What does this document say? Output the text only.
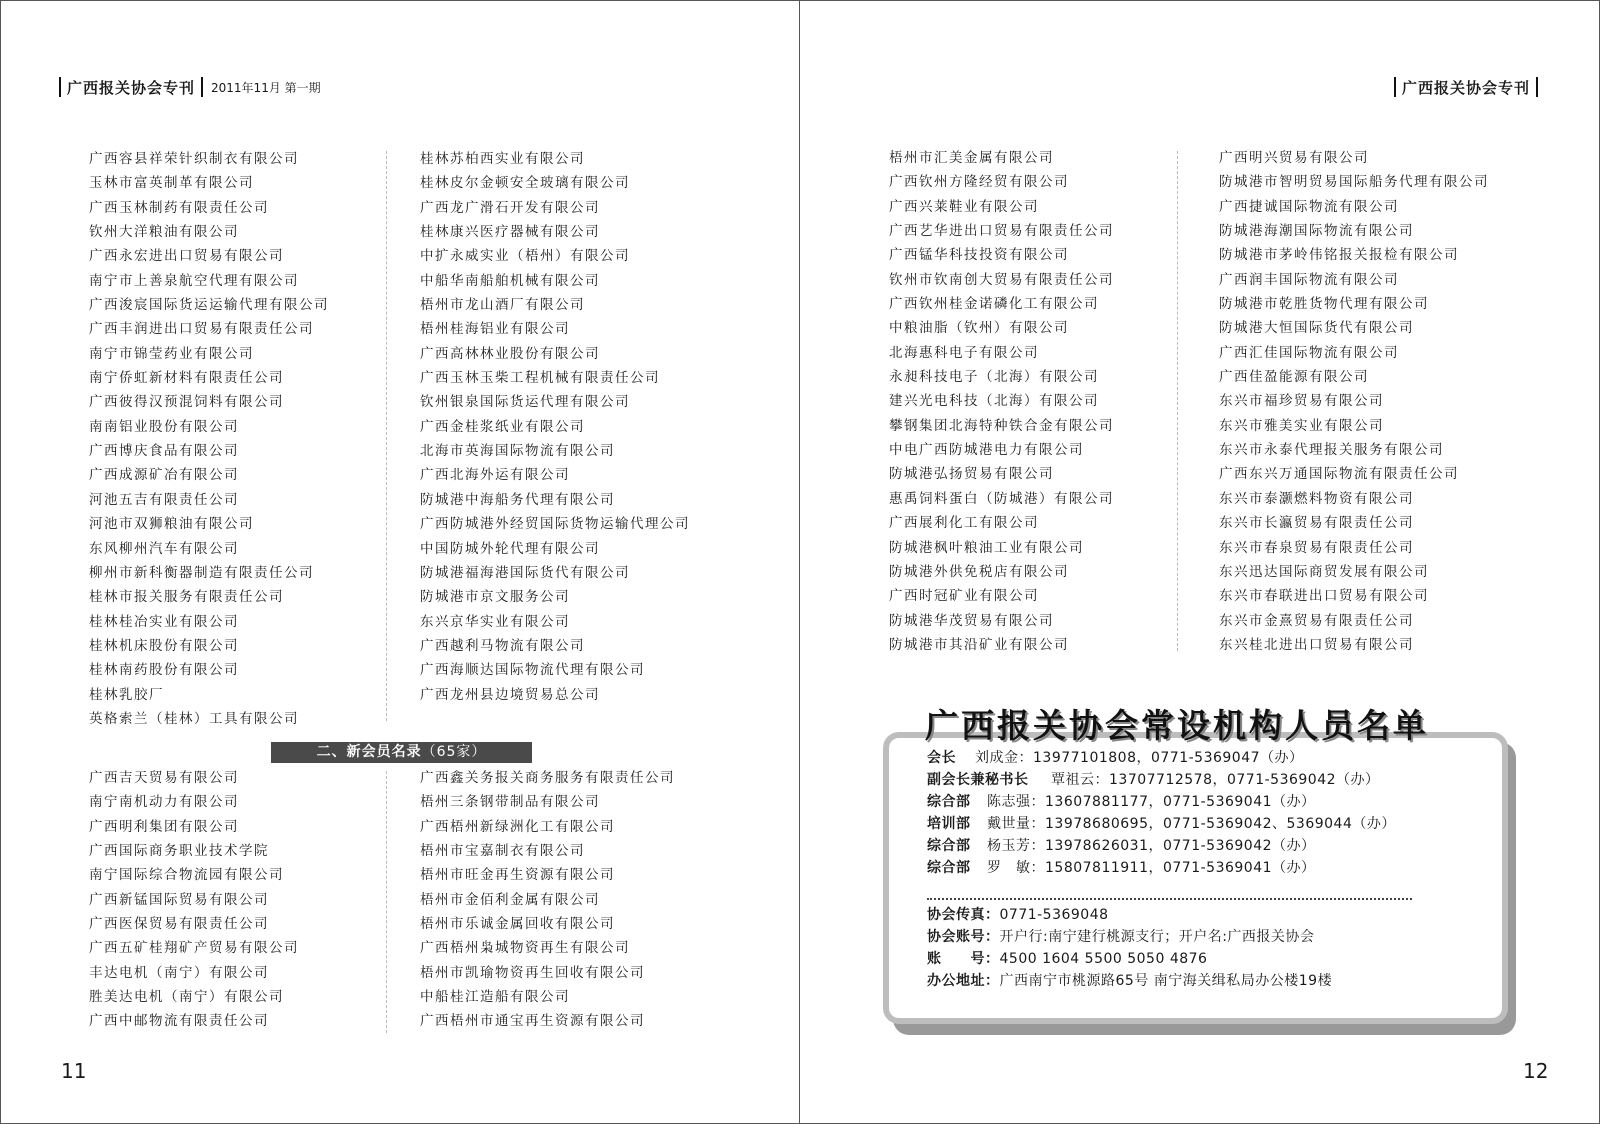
广西报关协会专刊	2011年11月 第一期
广西容县祥荣针织制衣有限公司
玉林市富英制革有限公司
广西玉林制药有限责任公司
钦州大洋粮油有限公司
广西永宏进出口贸易有限公司
南宁市上善泉航空代理有限公司
广西浚宸国际货运运输代理有限公司
广西丰润进出口贸易有限责任公司
南宁市锦莹药业有限公司
南宁侨虹新材料有限责任公司
广西彼得汉预混饲料有限公司
南南铝业股份有限公司
广西博庆食品有限公司
广西成源矿冶有限公司
河池五吉有限责任公司
河池市双狮粮油有限公司
东风柳州汽车有限公司
柳州市新科衡器制造有限责任公司
桂林市报关服务有限责任公司
桂林桂冶实业有限公司
桂林机床股份有限公司
桂林南药股份有限公司
桂林乳胶厂
英格索兰（桂林）工具有限公司
桂林苏柏西实业有限公司
桂林皮尔金顿安全玻璃有限公司
广西龙广滑石开发有限公司
桂林康兴医疗器械有限公司
中扩永威实业（梧州）有限公司
中船华南船舶机械有限公司
梧州市龙山酒厂有限公司
梧州桂海铝业有限公司
广西高林林业股份有限公司
广西玉林玉柴工程机械有限责任公司
钦州银泉国际货运代理有限公司
广西金桂浆纸业有限公司
北海市英海国际物流有限公司
广西北海外运有限公司
防城港中海船务代理有限公司
广西防城港外经贸国际货物运输代理公司
中国防城外轮代理有限公司
防城港福海港国际货代有限公司
防城港市京文服务公司
东兴京华实业有限公司
广西越利马物流有限公司
广西海顺达国际物流代理有限公司
广西龙州县边境贸易总公司
二、新会员名录（65家）
广西吉天贸易有限公司
南宁南机动力有限公司
广西明利集团有限公司
广西国际商务职业技术学院
南宁国际综合物流园有限公司
广西新锰国际贸易有限公司
广西医保贸易有限责任公司
广西五矿桂翔矿产贸易有限公司
丰达电机（南宁）有限公司
胜美达电机（南宁）有限公司
广西中邮物流有限责任公司
广西鑫关务报关商务服务有限责任公司
梧州三条钢带制品有限公司
广西梧州新绿洲化工有限公司
梧州市宝嘉制衣有限公司
梧州市旺金再生资源有限公司
梧州市金佰利金属有限公司
梧州市乐诚金属回收有限公司
广西梧州枭城物资再生有限公司
梧州市凯瑜物资再生回收有限公司
中船桂江造船有限公司
广西梧州市通宝再生资源有限公司
11
广西报关协会专刊
梧州市汇美金属有限公司
广西钦州方隆经贸有限公司
广西兴莱鞋业有限公司
广西艺华进出口贸易有限责任公司
广西锰华科技投资有限公司
钦州市钦南创大贸易有限责任公司
广西钦州桂金诺磷化工有限公司
中粮油脂（钦州）有限公司
北海惠科电子有限公司
永昶科技电子（北海）有限公司
建兴光电科技（北海）有限公司
攀钢集团北海特种铁合金有限公司
中电广西防城港电力有限公司
防城港弘扬贸易有限公司
惠禹饲料蛋白（防城港）有限公司
广西展利化工有限公司
防城港枫叶粮油工业有限公司
防城港外供免税店有限公司
广西时冠矿业有限公司
防城港华茂贸易有限公司
防城港市其沿矿业有限公司
广西明兴贸易有限公司
防城港市智明贸易国际船务代理有限公司
广西捷诚国际物流有限公司
防城港海潮国际物流有限公司
防城港市茅岭伟铭报关报检有限公司
广西润丰国际物流有限公司
防城港市乾胜货物代理有限公司
防城港大恒国际货代有限公司
广西汇佳国际物流有限公司
广西佳盈能源有限公司
东兴市福珍贸易有限公司
东兴市雅美实业有限公司
东兴市永泰代理报关服务有限公司
广西东兴万通国际物流有限责任公司
东兴市泰灏燃料物资有限公司
东兴市长瀛贸易有限责任公司
东兴市春泉贸易有限责任公司
东兴迅达国际商贸发展有限公司
东兴市春联进出口贸易有限公司
东兴市金熹贸易有限责任公司
东兴桂北进出口贸易有限公司
12
会长 刘成金：13977101808，0771-5369047（办）
副会长兼秘书长 覃祖云：13707712578，0771-5369042（办）
综合部 陈志强：13607881177，0771-5369041（办）
培训部 戴世量：13978680695，0771-5369042、5369044（办）
综合部 杨玉芳：13978626031，0771-5369042（办）
综合部 罗　敏：15807811911，0771-5369041（办）
协会传真：0771-5369048
协会账号：开户行:南宁建行桃源支行；开户名:广西报关协会
账　　号：4500 1604 5500 5050 4876
办公地址：广西南宁市桃源路65号 南宁海关缉私局办公楼19楼
广西报关协会常设机构人员名单
